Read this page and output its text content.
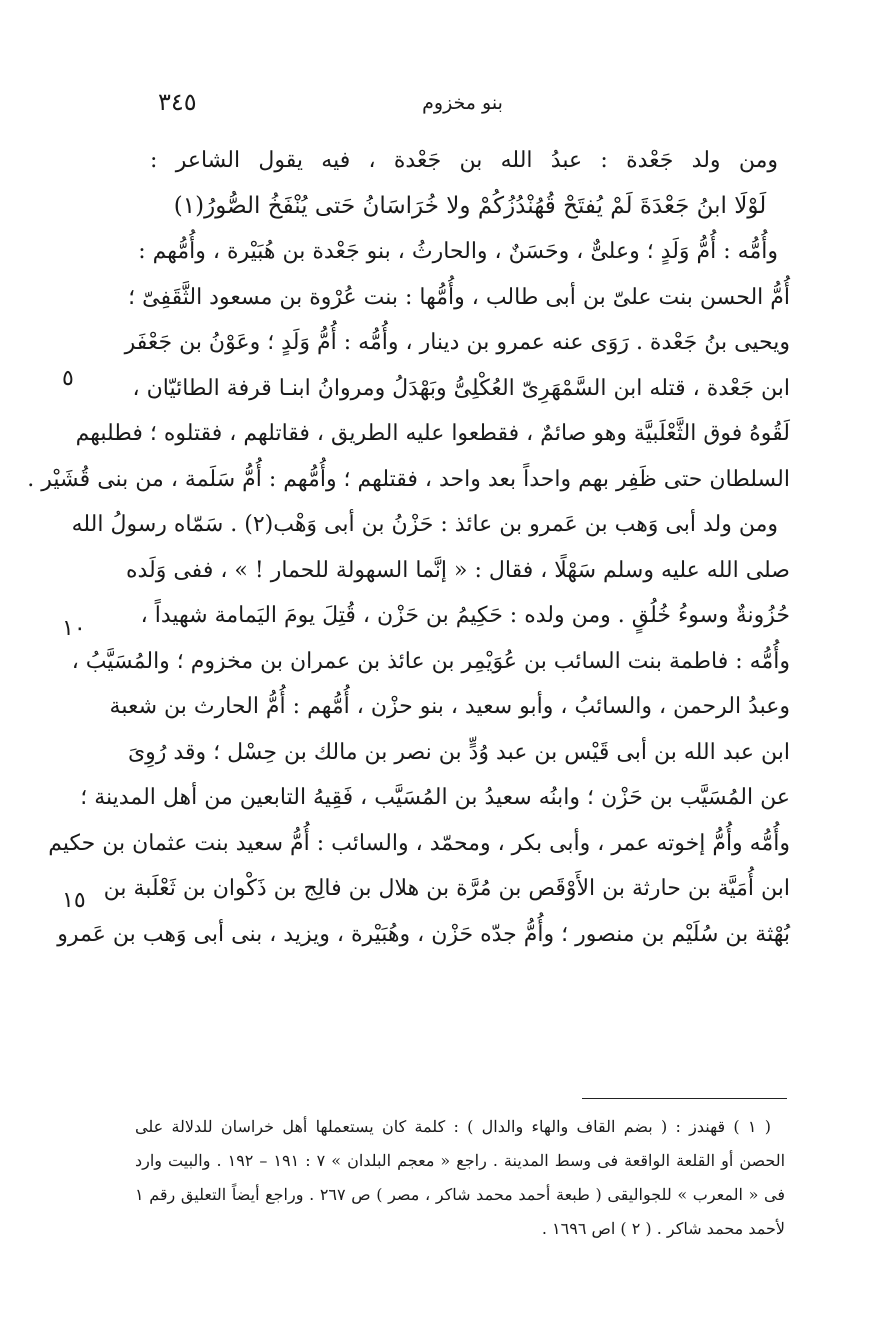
بنو مخزوم
٣٤٥
ومن ولد جَعْدة : عبدُ الله بن جَعْدة ، فيه يقول الشاعر :
لَوْلَا ابنُ جَعْدَةَ لَمْ يُفتَحْ قُهُنْدُزُكُمْ ولا خُرَاسَانُ حَتى يُنْفَخُ الصُّورُ(١)
وأُمُّه : أُمُّ وَلَدٍ ؛ وعلىٌّ ، وحَسَنٌ ، والحارثُ ، بنو جَعْدة بن هُبَيْرة ، وأُمُّهم :
أُمُّ الحسن بنت علىّ بن أبى طالب ، وأُمُّها : بنت عُرْوة بن مسعود الثَّقَفِىّ ؛
ويحيى بنُ جَعْدة . رَوَى عنه عمرو بن دينار ، وأُمُّه : أُمُّ وَلَدٍ ؛ وعَوْنُ بن جَعْفَر
ابن جَعْدة ، قتله ابن السَّمْهَرِىّ العُكْلِىُّ وبَهْدَلُ ومروانُ ابنـا قرفة الطائيّان ،
لَقُوهُ فوق الثَّعْلَبيَّة وهو صائمٌ ، فقطعوا عليه الطريق ، فقاتلهم ، فقتلوه ؛ فطلبهم
السلطان حتى ظَفِر بهم واحداً بعد واحد ، فقتلهم ؛ وأُمُّهم : أُمُّ سَلَمة ، من بنى قُشَيْر .
ومن ولد أبى وَهب بن عَمرو بن عائذ : حَزْنُ بن أبى وَهْب(٢) . سَمّاه رسولُ الله
صلى الله عليه وسلم سَهْلًا ، فقال : « إنَّما السهولة للحمار ! » ، ففى وَلَده
حُزُونةٌ وسوءُ خُلُقٍ . ومن ولده : حَكِيمُ بن حَزْن ، قُتِلَ يومَ اليَمامة شهيداً ،
وأُمُّه : فاطمة بنت السائب بن عُوَيْمِر بن عائذ بن عمران بن مخزوم ؛ والمُسَيَّبُ ،
وعبدُ الرحمن ، والسائبُ ، وأبو سعيد ، بنو حزْن ، أُمُّهم : أُمُّ الحارث بن شعبة
ابن عبد الله بن أبى قَيْس بن عبد وُدٍّ بن نصر بن مالك بن حِسْل ؛ وقد رُوِىَ
عن المُسَيَّب بن حَزْن ؛ وابنُه سعيدُ بن المُسَيَّب ، فَقِيهُ التابعين من أهل المدينة ؛
وأُمُّه وأُمُّ إخوته عمر ، وأبى بكر ، ومحمّد ، والسائب : أُمُّ سعيد بنت عثمان بن حكيم
ابن أُمَيَّة بن حارثة بن الأَوْقَص بن مُرَّة بن هلال بن فالِج بن ذَكْوان بن ثَعْلَبة بن
بُهْثة بن سُلَيْم بن منصور ؛ وأُمُّ جدّه حَزْن ، وهُبَيْرة ، ويزيد ، بنى أبى وَهب بن عَمرو
٥
١٠
١٥
( ١ ) قهندز : ( بضم القاف والهاء والدال ) : كلمة كان يستعملها أهل خراسان للدلالة على
الحصن أو القلعة الواقعة فى وسط المدينة . راجع « معجم البلدان » ٧ : ١٩١ – ١٩٢ . والبيت وارد
فى « المعرب » للجواليقى ( طبعة أحمد محمد شاكر ، مصر ) ص ٢٦٧ . وراجع أيضاً التعليق رقم ١
لأحمد محمد شاكر . ( ٢ ) اص ١٦٩٦ .
